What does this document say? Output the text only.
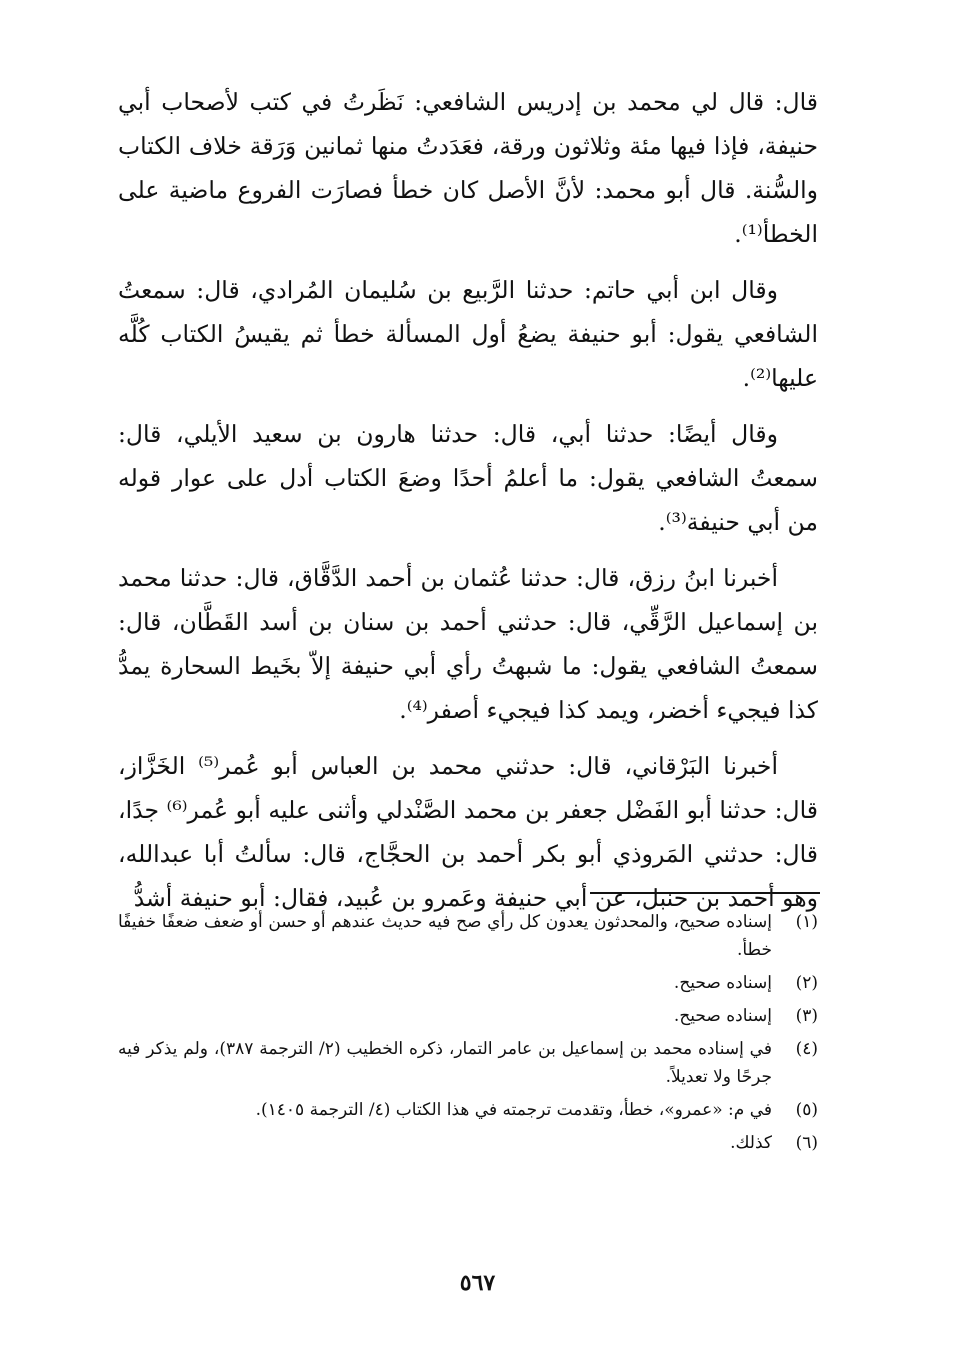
قال: قال لي محمد بن إدريس الشافعي: نَظَرتُ في كتب لأصحاب أبي حنيفة، فإذا فيها مئة وثلاثون ورقة، فعَدَدتُ منها ثمانين وَرَقة خلاف الكتاب والسُّنة. قال أبو محمد: لأنَّ الأصل كان خطأ فصارَت الفروع ماضية على الخطأ⁽¹⁾.

وقال ابن أبي حاتم: حدثنا الرَّبيع بن سُليمان المُرادي، قال: سمعتُ الشافعي يقول: أبو حنيفة يضعُ أول المسألة خطأ ثم يقيسُ الكتاب كُلَّه عليها⁽²⁾.

وقال أيضًا: حدثنا أبي، قال: حدثنا هارون بن سعيد الأيلي، قال: سمعتُ الشافعي يقول: ما أعلمُ أحدًا وضعَ الكتاب أدل على عوار قوله من أبي حنيفة⁽³⁾.

أخبرنا ابنُ رزق، قال: حدثنا عُثمان بن أحمد الدَّقَّاق، قال: حدثنا محمد بن إسماعيل الرَّقِّي، قال: حدثني أحمد بن سنان بن أسد القَطَّان، قال: سمعتُ الشافعي يقول: ما شبهتُ رأي أبي حنيفة إلاّ بخَيط السحارة يمدُّ كذا فيجيء أخضر، ويمد كذا فيجيء أصفر⁽⁴⁾.

أخبرنا البَرْقاني، قال: حدثني محمد بن العباس أبو عُمر⁽⁵⁾ الخَزَّاز، قال: حدثنا أبو الفَضْل جعفر بن محمد الصَّنْدلي وأثنى عليه أبو عُمر⁽⁶⁾ جدًا، قال: حدثني المَروذي أبو بكر أحمد بن الحجَّاج، قال: سألتُ أبا عبدالله، وهو أحمد بن حنبل، عن أبي حنيفة وعَمرو بن عُبيد، فقال: أبو حنيفة أشدُّ

(١)
إسناده صحيح، والمحدثون يعدون كل رأي صح فيه حديث عندهم أو حسن أو ضعف ضعفًا خفيفًا خطأ.
(٢)
إسناده صحيح.
(٣)
إسناده صحيح.
(٤)
في إسناده محمد بن إسماعيل بن عامر التمار، ذكره الخطيب (٢/ الترجمة ٣٨٧)، ولم يذكر فيه جرحًا ولا تعديلاً.
(٥)
في م: «عمرو»، خطأ، وتقدمت ترجمته في هذا الكتاب (٤/ الترجمة ١٤٠٥).
(٦)
كذلك.
٥٦٧
